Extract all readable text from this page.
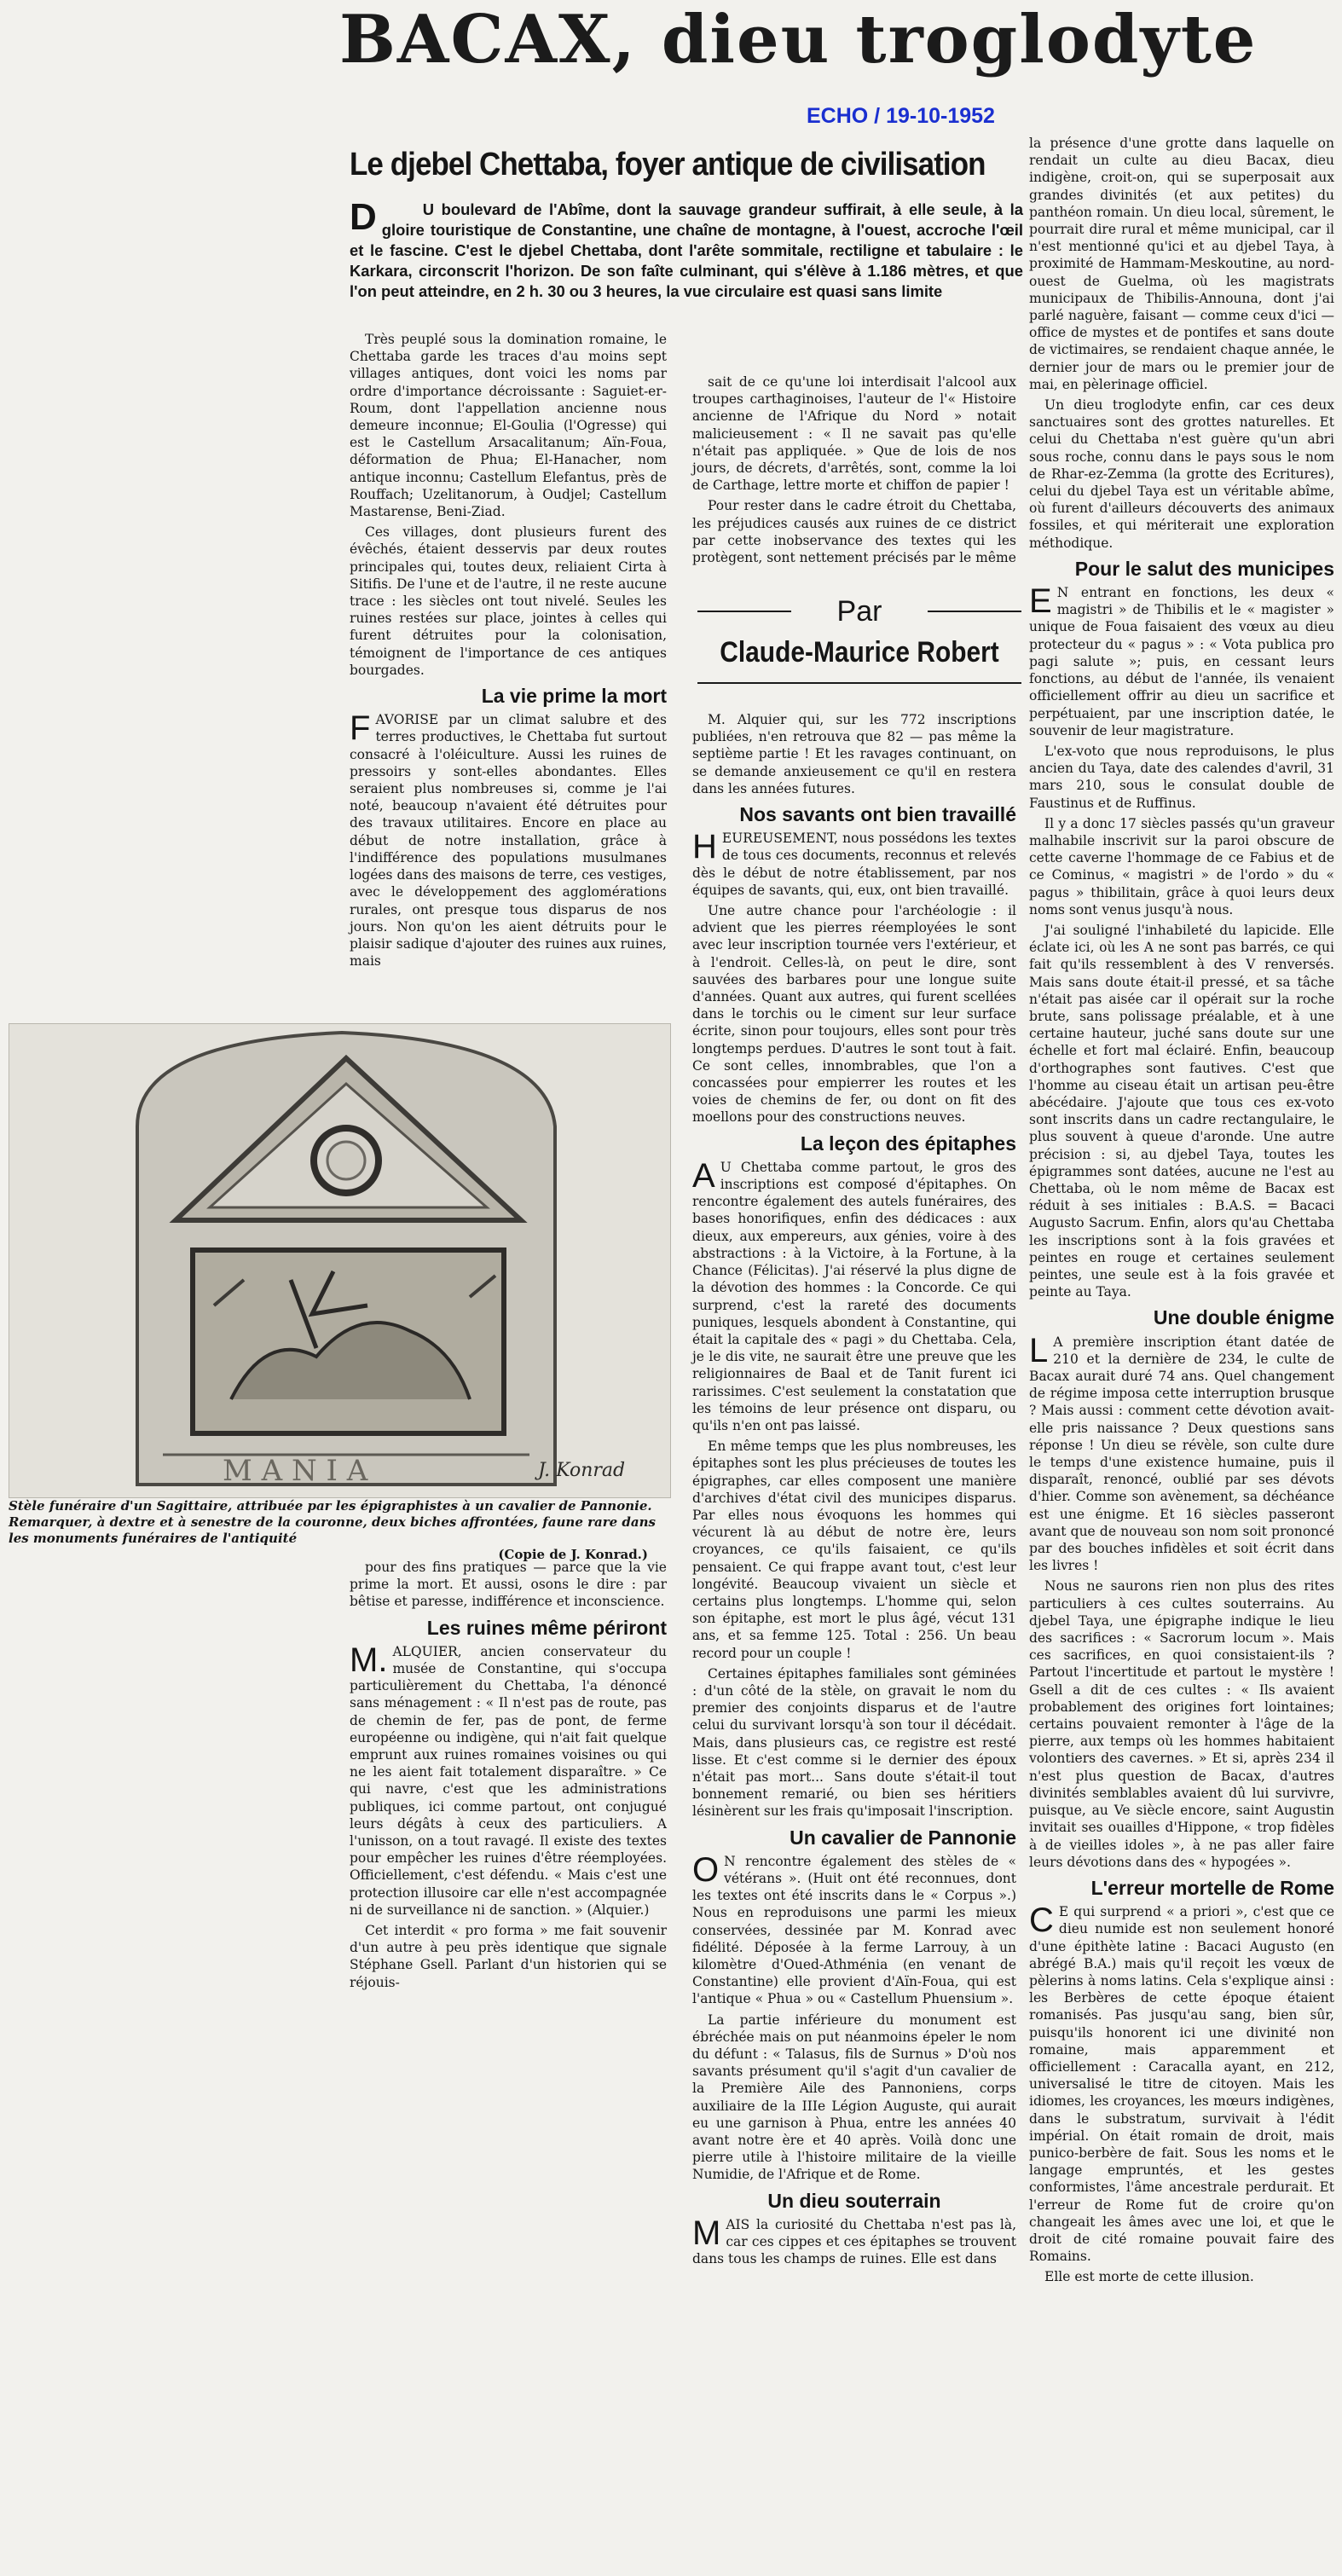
BACAX, dieu troglodyte
ECHO / 19-10-1952
Le djebel Chettaba, foyer antique de civilisation
D	U boulevard de l'Abîme, dont la sauvage grandeur suffirait, à elle seule, à la gloire touristique de Constantine, une chaîne de montagne, à l'ouest, accroche l'œil et le fascine. C'est le djebel Chettaba, dont l'arête sommitale, rectiligne et tabulaire : le Karkara, circonscrit l'horizon. De son faîte culminant, qui s'élève à 1.186 mètres, et que l'on peut atteindre, en 2 h. 30 ou 3 heures, la vue circulaire est quasi sans limite

Très peuplé sous la domination romaine, le Chettaba garde les traces d'au moins sept villages antiques, dont voici les noms par ordre d'importance décroissante : Saguiet-er-Roum, dont l'appellation ancienne nous demeure inconnue; El-Goulia (l'Ogresse) qui est le Castellum Arsacalitanum; Aïn-Foua, déformation de Phua; El-Hanacher, nom antique inconnu; Castellum Elefantus, près de Rouffach; Uzelitanorum, à Oudjel; Castellum Mastarense, Beni-Ziad.

Ces villages, dont plusieurs furent des évêchés, étaient desservis par deux routes principales qui, toutes deux, reliaient Cirta à Sitifis. De l'une et de l'autre, il ne reste aucune trace : les siècles ont tout nivelé. Seules les ruines restées sur place, jointes à celles qui furent détruites pour la colonisation, témoignent de l'importance de ces antiques bourgades.

La vie prime la mort

FAVORISE par un climat salubre et des terres productives, le Chettaba fut surtout consacré à l'oléiculture. Aussi les ruines de pressoirs y sont-elles abondantes. Elles seraient plus nombreuses si, comme je l'ai noté, beaucoup n'avaient été détruites pour des travaux utilitaires. Encore en place au début de notre installation, grâce à l'indifférence des populations musulmanes logées dans des maisons de terre, ces vestiges, avec le développement des agglomérations rurales, ont presque tous disparus de nos jours. Non qu'on les aient détruits pour le plaisir sadique d'ajouter des ruines aux ruines, mais

M A N I A	J. Konrad
Stèle funéraire d'un Sagittaire, attribuée par les épigraphistes à un cavalier de Pannonie. Remarquer, à dextre et à senestre de la couronne, deux biches affrontées, faune rare dans les monuments funéraires de l'antiquité
(Copie de J. Konrad.)

pour des fins pratiques — parce que la vie prime la mort. Et aussi, osons le dire : par bêtise et paresse, indifférence et inconscience.

Les ruines même périront

M. ALQUIER, ancien conservateur du musée de Constantine, qui s'occupa particulièrement du Chettaba, l'a dénoncé sans ménagement : « Il n'est pas de route, pas de chemin de fer, pas de pont, de ferme européenne ou indigène, qui n'ait fait quelque emprunt aux ruines romaines voisines ou qui ne les aient fait totalement disparaître. » Ce qui navre, c'est que les administrations publiques, ici comme partout, ont conjugué leurs dégâts à ceux des particuliers. A l'unisson, on a tout ravagé. Il existe des textes pour empêcher les ruines d'être réemployées. Officiellement, c'est défendu. « Mais c'est une protection illusoire car elle n'est accompagnée ni de surveillance ni de sanction. » (Alquier.)

Cet interdit « pro forma » me fait souvenir d'un autre à peu près identique que signale Stéphane Gsell. Parlant d'un historien qui se réjouis-

sait de ce qu'une loi interdisait l'alcool aux troupes carthaginoises, l'auteur de l'« Histoire ancienne de l'Afrique du Nord » notait malicieusement : « Il ne savait pas qu'elle n'était pas appliquée. » Que de lois de nos jours, de décrets, d'arrêtés, sont, comme la loi de Carthage, lettre morte et chiffon de papier !

Pour rester dans le cadre étroit du Chettaba, les préjudices causés aux ruines de ce district par cette inobservance des textes qui les protègent, sont nettement précisés par le même

Par
Claude-Maurice Robert

M. Alquier qui, sur les 772 inscriptions publiées, n'en retrouva que 82 — pas même la septième partie ! Et les ravages continuant, on se demande anxieusement ce qu'il en restera dans les années futures.

Nos savants ont bien travaillé

HEUREUSEMENT, nous possédons les textes de tous ces documents, reconnus et relevés dès le début de notre établissement, par nos équipes de savants, qui, eux, ont bien travaillé.

Une autre chance pour l'archéologie : il advient que les pierres réemployées le sont avec leur inscription tournée vers l'extérieur, et à l'endroit. Celles-là, on peut le dire, sont sauvées des barbares pour une longue suite d'années. Quant aux autres, qui furent scellées dans le torchis ou le ciment sur leur surface écrite, sinon pour toujours, elles sont pour très longtemps perdues. D'autres le sont tout à fait. Ce sont celles, innombrables, que l'on a concassées pour empierrer les routes et les voies de chemins de fer, ou dont on fit des moellons pour des constructions neuves.

La leçon des épitaphes

A U Chettaba comme partout, le gros des inscriptions est composé d'épitaphes. On rencontre également des autels funéraires, des bases honorifiques, enfin des dédicaces : aux dieux, aux empereurs, aux génies, voire à des abstractions : à la Victoire, à la Fortune, à la Chance (Félicitas). J'ai réservé la plus digne de la dévotion des hommes : la Concorde. Ce qui surprend, c'est la rareté des documents puniques, lesquels abondent à Constantine, qui était la capitale des « pagi » du Chettaba. Cela, je le dis vite, ne saurait être une preuve que les religionnaires de Baal et de Tanit furent ici rarissimes. C'est seulement la constatation que les témoins de leur présence ont disparu, ou qu'ils n'en ont pas laissé.

En même temps que les plus nombreuses, les épitaphes sont les plus précieuses de toutes les épigraphes, car elles composent une manière d'archives d'état civil des municipes disparus. Par elles nous évoquons les hommes qui vécurent là au début de notre ère, leurs croyances, ce qu'ils faisaient, ce qu'ils pensaient. Ce qui frappe avant tout, c'est leur longévité. Beaucoup vivaient un siècle et certains plus longtemps. L'homme qui, selon son épitaphe, est mort le plus âgé, vécut 131 ans, et sa femme 125. Total : 256. Un beau record pour un couple !

Certaines épitaphes familiales sont géminées : d'un côté de la stèle, on gravait le nom du premier des conjoints disparus et de l'autre celui du survivant lorsqu'à son tour il décédait. Mais, dans plusieurs cas, ce registre est resté lisse. Et c'est comme si le dernier des époux n'était pas mort... Sans doute s'était-il tout bonnement remarié, ou bien ses héritiers lésinèrent sur les frais qu'imposait l'inscription.

Un cavalier de Pannonie

O N rencontre également des stèles de « vétérans ». (Huit ont été reconnues, dont les textes ont été inscrits dans le « Corpus ».) Nous en reproduisons une parmi les mieux conservées, dessinée par M. Konrad avec fidélité. Déposée à la ferme Larrouy, à un kilomètre d'Oued-Athménia (en venant de Constantine) elle provient d'Aïn-Foua, qui est l'antique « Phua » ou « Castellum Phuensium ».

La partie inférieure du monument est ébréchée mais on put néanmoins épeler le nom du défunt : « Talasus, fils de Surnus » D'où nos savants présument qu'il s'agit d'un cavalier de la Première Aile des Pannoniens, corps auxiliaire de la IIIe Légion Auguste, qui aurait eu une garnison à Phua, entre les années 40 avant notre ère et 40 après. Voilà donc une pierre utile à l'histoire militaire de la vieille Numidie, de l'Afrique et de Rome.

Un dieu souterrain

MAIS la curiosité du Chettaba n'est pas là, car ces cippes et ces épitaphes se trouvent dans tous les champs de ruines. Elle est dans

la présence d'une grotte dans laquelle on rendait un culte au dieu Bacax, dieu indigène, croit-on, qui se superposait aux grandes divinités (et aux petites) du panthéon romain. Un dieu local, sûrement, le pourrait dire rural et même municipal, car il n'est mentionné qu'ici et au djebel Taya, à proximité de Hammam-Meskoutine, au nord-ouest de Guelma, où les magistrats municipaux de Thibilis-Announa, dont j'ai parlé naguère, faisant — comme ceux d'ici — office de mystes et de pontifes et sans doute de victimaires, se rendaient chaque année, le dernier jour de mars ou le premier jour de mai, en pèlerinage officiel.

Un dieu troglodyte enfin, car ces deux sanctuaires sont des grottes naturelles. Et celui du Chettaba n'est guère qu'un abri sous roche, connu dans le pays sous le nom de Rhar-ez-Zemma (la grotte des Ecritures), celui du djebel Taya est un véritable abîme, où furent d'ailleurs découverts des animaux fossiles, et qui mériterait une exploration méthodique.

Pour le salut des municipes

E N entrant en fonctions, les deux « magistri » de Thibilis et le « magister » unique de Foua faisaient des vœux au dieu protecteur du « pagus » : « Vota publica pro pagi salute »; puis, en cessant leurs fonctions, au début de l'année, ils venaient officiellement offrir au dieu un sacrifice et perpétuaient, par une inscription datée, le souvenir de leur magistrature.

L'ex-voto que nous reproduisons, le plus ancien du Taya, date des calendes d'avril, 31 mars 210, sous le consulat double de Faustinus et de Ruffinus.

Il y a donc 17 siècles passés qu'un graveur malhabile inscrivit sur la paroi obscure de cette caverne l'hommage de ce Fabius et de ce Cominus, « magistri » de l'ordo » du « pagus » thibilitain, grâce à quoi leurs deux noms sont venus jusqu'à nous.

J'ai souligné l'inhabileté du lapicide. Elle éclate ici, où les A ne sont pas barrés, ce qui fait qu'ils ressemblent à des V renversés. Mais sans doute était-il pressé, et sa tâche n'était pas aisée car il opérait sur la roche brute, sans polissage préalable, et à une certaine hauteur, juché sans doute sur une échelle et fort mal éclairé. Enfin, beaucoup d'orthographes sont fautives. C'est que l'homme au ciseau était un artisan peu-être abécédaire. J'ajoute que tous ces ex-voto sont inscrits dans un cadre rectangulaire, le plus souvent à queue d'aronde. Une autre précision : si, au djebel Taya, toutes les épigrammes sont datées, aucune ne l'est au Chettaba, où le nom même de Bacax est réduit à ses initiales : B.A.S. = Bacaci Augusto Sacrum. Enfin, alors qu'au Chettaba les inscriptions sont à la fois gravées et peintes en rouge et certaines seulement peintes, une seule est à la fois gravée et peinte au Taya.

Une double énigme

L A première inscription étant datée de 210 et la dernière de 234, le culte de Bacax aurait duré 74 ans. Quel changement de régime imposa cette interruption brusque ? Mais aussi : comment cette dévotion avait-elle pris naissance ? Deux questions sans réponse ! Un dieu se révèle, son culte dure le temps d'une existence humaine, puis il disparaît, renoncé, oublié par ses dévots d'hier. Comme son avènement, sa déchéance est une énigme. Et 16 siècles passeront avant que de nouveau son nom soit prononcé par des bouches infidèles et soit écrit dans les livres !

Nous ne saurons rien non plus des rites particuliers à ces cultes souterrains. Au djebel Taya, une épigraphe indique le lieu des sacrifices : « Sacrorum locum ». Mais ces sacrifices, en quoi consistaient-ils ? Partout l'incertitude et partout le mystère ! Gsell a dit de ces cultes : « Ils avaient probablement des origines fort lointaines; certains pouvaient remonter à l'âge de la pierre, aux temps où les hommes habitaient volontiers des cavernes. » Et si, après 234 il n'est plus question de Bacax, d'autres divinités semblables avaient dû lui survivre, puisque, au Ve siècle encore, saint Augustin invitait ses ouailles d'Hippone, « trop fidèles à de vieilles idoles », à ne pas aller faire leurs dévotions dans des « hypogées ».

L'erreur mortelle de Rome

C E qui surprend « a priori », c'est que ce dieu numide est non seulement honoré d'une épithète latine : Bacaci Augusto (en abrégé B.A.) mais qu'il reçoit les vœux de pèlerins à noms latins. Cela s'explique ainsi : les Berbères de cette époque étaient romanisés. Pas jusqu'au sang, bien sûr, puisqu'ils honorent ici une divinité non romaine, mais apparemment et officiellement : Caracalla ayant, en 212, universalisé le titre de citoyen. Mais les idiomes, les croyances, les mœurs indigènes, dans le substratum, survivait à l'édit impérial. On était romain de droit, mais punico-berbère de fait. Sous les noms et le langage empruntés, et les gestes conformistes, l'âme ancestrale perdurait. Et l'erreur de Rome fut de croire qu'on changeait les âmes avec une loi, et que le droit de cité romaine pouvait faire des Romains.

Elle est morte de cette illusion.
